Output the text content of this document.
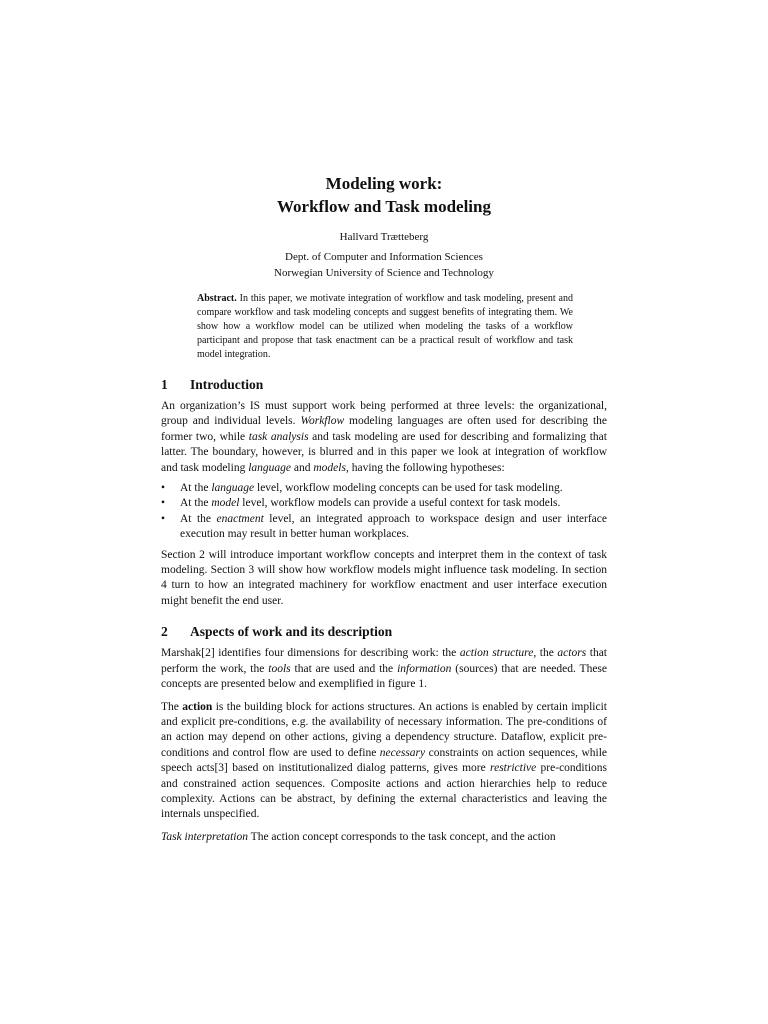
Modeling work:
Workflow and Task modeling

Hallvard Trætteberg

Dept. of Computer and Information Sciences
Norwegian University of Science and Technology

Abstract. In this paper, we motivate integration of workflow and task modeling, present and compare workflow and task modeling concepts and suggest benefits of integrating them. We show how a workflow model can be utilized when modeling the tasks of a workflow participant and propose that task enactment can be a practical result of workflow and task model integration.
1	Introduction

An organization’s IS must support work being performed at three levels: the organizational, group and individual levels. Workflow modeling languages are often used for describing the former two, while task analysis and task modeling are used for describing and formalizing that latter. The boundary, however, is blurred and in this paper we look at integration of workflow and task modeling language and models, having the following hypotheses:

• At the language level, workflow modeling concepts can be used for task modeling.
• At the model level, workflow models can provide a useful context for task models.
• At the enactment level, an integrated approach to workspace design and user interface execution may result in better human workplaces.

Section 2 will introduce important workflow concepts and interpret them in the context of task modeling. Section 3 will show how workflow models might influence task modeling. In section 4 turn to how an integrated machinery for workflow enactment and user interface execution might benefit the end user.

2	Aspects of work and its description

Marshak[2] identifies four dimensions for describing work: the action structure, the actors that perform the work, the tools that are used and the information (sources) that are needed. These concepts are presented below and exemplified in figure 1.

The action is the building block for actions structures. An actions is enabled by certain implicit and explicit pre-conditions, e.g. the availability of necessary information. The pre-conditions of an action may depend on other actions, giving a dependency structure. Dataflow, explicit pre-conditions and control flow are used to define necessary constraints on action sequences, while speech acts[3] based on institutionalized dialog patterns, gives more restrictive pre-conditions and constrained action sequences. Composite actions and action hierarchies help to reduce complexity. Actions can be abstract, by defining the external characteristics and leaving the internals unspecified.

Task interpretation The action concept corresponds to the task concept, and the action
